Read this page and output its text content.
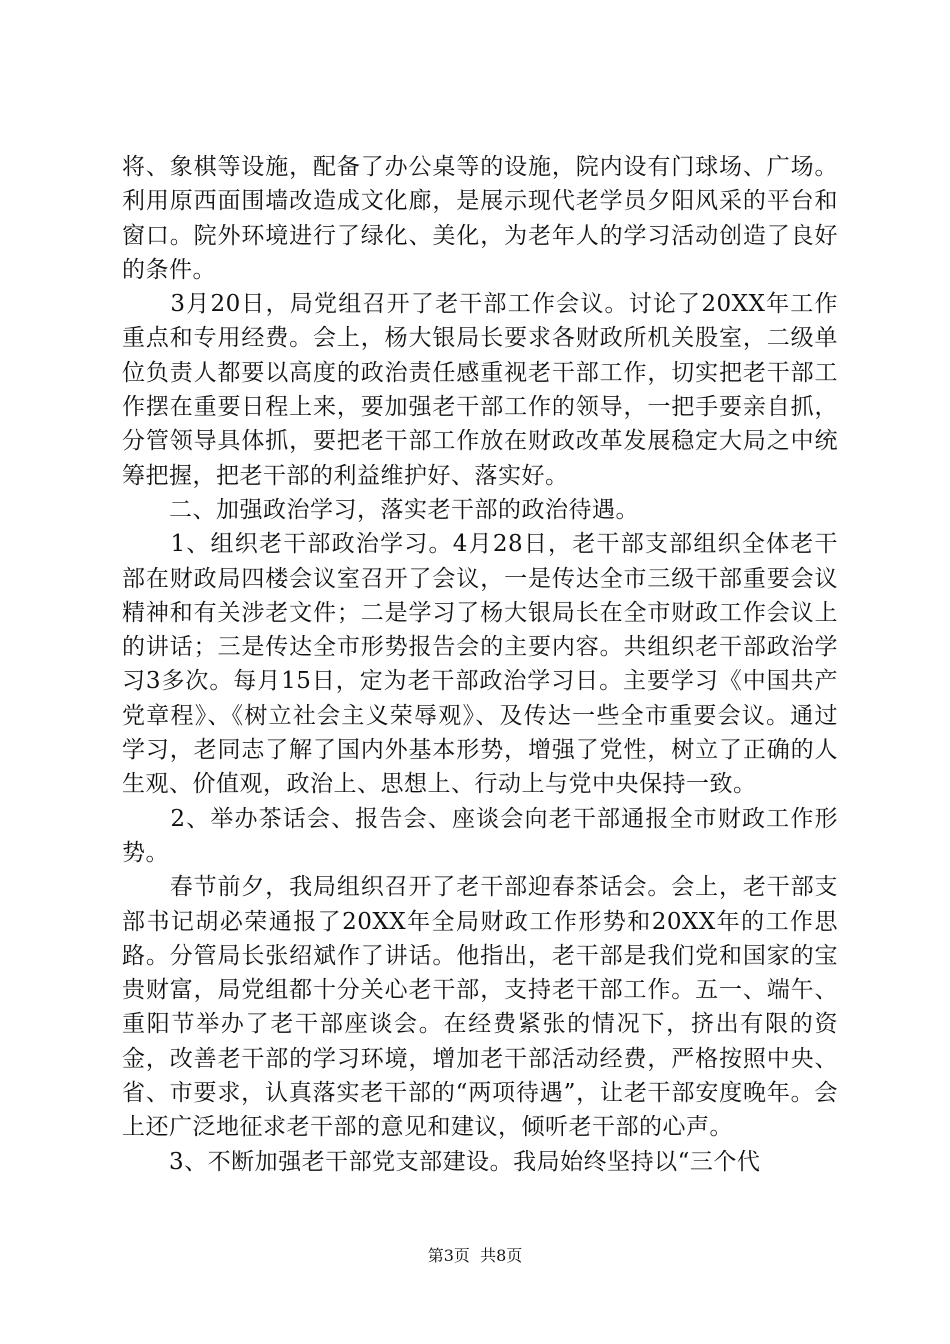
将、象棋等设施，配备了办公桌等的设施，院内设有门球场、广场。利用原西面围墙改造成文化廊，是展示现代老学员夕阳风采的平台和窗口。院外环境进行了绿化、美化，为老年人的学习活动创造了良好的条件。

　　3月20日，局党组召开了老干部工作会议。讨论了20XX年工作重点和专用经费。会上，杨大银局长要求各财政所机关股室，二级单位负责人都要以高度的政治责任感重视老干部工作，切实把老干部工作摆在重要日程上来，要加强老干部工作的领导，一把手要亲自抓，分管领导具体抓，要把老干部工作放在财政改革发展稳定大局之中统筹把握，把老干部的利益维护好、落实好。

　　二、加强政治学习，落实老干部的政治待遇。

　　1、组织老干部政治学习。4月28日，老干部支部组织全体老干部在财政局四楼会议室召开了会议，一是传达全市三级干部重要会议精神和有关涉老文件；二是学习了杨大银局长在全市财政工作会议上的讲话；三是传达全市形势报告会的主要内容。共组织老干部政治学习3多次。每月15日，定为老干部政治学习日。主要学习《中国共产党章程》、《树立社会主义荣辱观》、及传达一些全市重要会议。通过学习，老同志了解了国内外基本形势，增强了党性，树立了正确的人生观、价值观，政治上、思想上、行动上与党中央保持一致。

　　2、举办茶话会、报告会、座谈会向老干部通报全市财政工作形势。

　　春节前夕，我局组织召开了老干部迎春茶话会。会上，老干部支部书记胡必荣通报了20XX年全局财政工作形势和20XX年的工作思路。分管局长张绍斌作了讲话。他指出，老干部是我们党和国家的宝贵财富，局党组都十分关心老干部，支持老干部工作。五一、端午、重阳节举办了老干部座谈会。在经费紧张的情况下，挤出有限的资金，改善老干部的学习环境，增加老干部活动经费，严格按照中央、省、市要求，认真落实老干部的“两项待遇”，让老干部安度晚年。会上还广泛地征求老干部的意见和建议，倾听老干部的心声。

　　3、不断加强老干部党支部建设。我局始终坚持以“三个代

第3页  共8页
